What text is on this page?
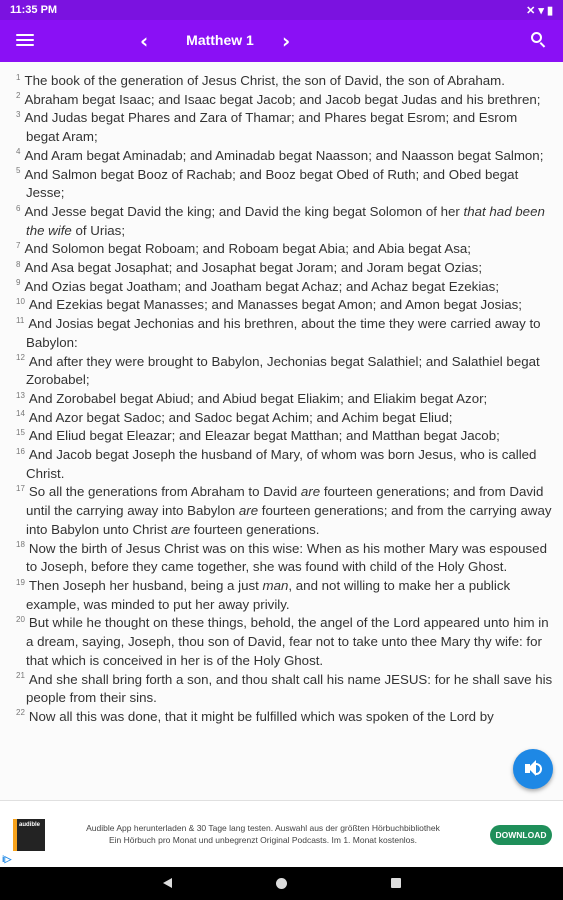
11:35 PM	✕ ▾ ▮
‹	Matthew 1	›
$^1$ The book of the generation of Jesus Christ, the son of David, the son of Abraham.
$^2$ Abraham begat Isaac; and Isaac begat Jacob; and Jacob begat Judas and his brethren;
$^3$ And Judas begat Phares and Zara of Thamar; and Phares begat Esrom; and Esrom begat Aram;
$^4$ And Aram begat Aminadab; and Aminadab begat Naasson; and Naasson begat Salmon;
$^5$ And Salmon begat Booz of Rachab; and Booz begat Obed of Ruth; and Obed begat Jesse;
$^6$ And Jesse begat David the king; and David the king begat Solomon of her that had been the wife of Urias;
$^7$ And Solomon begat Roboam; and Roboam begat Abia; and Abia begat Asa;
$^8$ And Asa begat Josaphat; and Josaphat begat Joram; and Joram begat Ozias;
$^9$ And Ozias begat Joatham; and Joatham begat Achaz; and Achaz begat Ezekias;
$^{10}$ And Ezekias begat Manasses; and Manasses begat Amon; and Amon begat Josias;
$^{11}$ And Josias begat Jechonias and his brethren, about the time they were carried away to Babylon:
$^{12}$ And after they were brought to Babylon, Jechonias begat Salathiel; and Salathiel begat Zorobabel;
$^{13}$ And Zorobabel begat Abiud; and Abiud begat Eliakim; and Eliakim begat Azor;
$^{14}$ And Azor begat Sadoc; and Sadoc begat Achim; and Achim begat Eliud;
$^{15}$ And Eliud begat Eleazar; and Eleazar begat Matthan; and Matthan begat Jacob;
$^{16}$ And Jacob begat Joseph the husband of Mary, of whom was born Jesus, who is called Christ.
$^{17}$ So all the generations from Abraham to David are fourteen generations; and from David until the carrying away into Babylon are fourteen generations; and from the carrying away into Babylon unto Christ are fourteen generations.
$^{18}$ Now the birth of Jesus Christ was on this wise: When as his mother Mary was espoused to Joseph, before they came together, she was found with child of the Holy Ghost.
$^{19}$ Then Joseph her husband, being a just man, and not willing to make her a publick example, was minded to put her away privily.
$^{20}$ But while he thought on these things, behold, the angel of the Lord appeared unto him in a dream, saying, Joseph, thou son of David, fear not to take unto thee Mary thy wife: for that which is conceived in her is of the Holy Ghost.
$^{21}$ And she shall bring forth a son, and thou shalt call his name JESUS: for he shall save his people from their sins.
$^{22}$ Now all this was done, that it might be fulfilled which was spoken of the Lord by
audible	Audible App herunterladen & 30 Tage lang testen. Auswahl aus der größten Hörbuchbibliothek
Ein Hörbuch pro Monat und unbegrenzt Original Podcasts. Im 1. Monat kostenlos.	DOWNLOAD
i▷
